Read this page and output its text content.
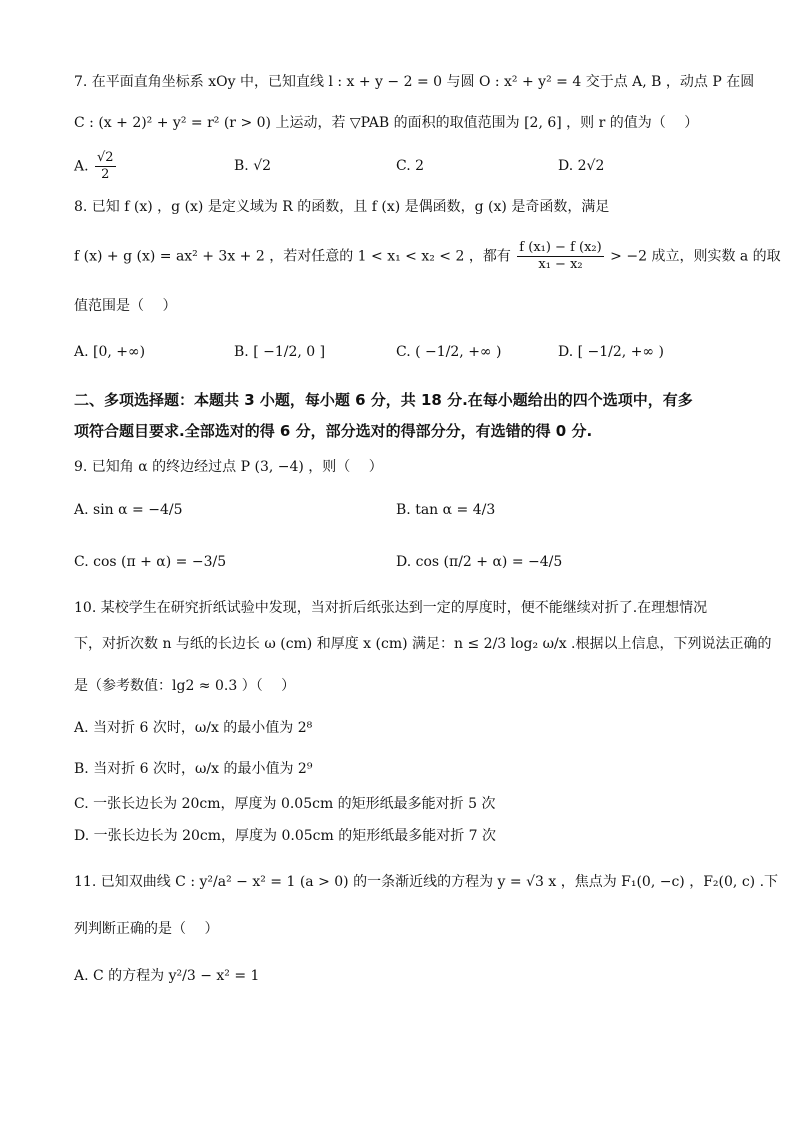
7. 在平面直角坐标系 xOy 中，已知直线 l : x + y − 2 = 0 与圆 O : x² + y² = 4 交于点 A, B ，动点 P 在圆
C : (x + 2)² + y² = r² (r > 0) 上运动，若 ▽PAB 的面积的取值范围为 [2, 6] ，则 r 的值为（　 ）
A. $\frac{√2}{2}$	B. √2	C. 2	D. 2√2
8. 已知 f (x) ，g (x) 是定义域为 R 的函数，且 f (x) 是偶函数，g (x) 是奇函数，满足
f (x) + g (x) = ax² + 3x + 2 ，若对任意的 1 < x₁ < x₂ < 2 ，都有 $\frac{\text{f (x₁) − f (x₂)}}{\text{x₁ − x₂}} > -2$ 成立，则实数 a 的取
值范围是（　 ）
A. [0, +∞)	B. [ −1/2, 0 ]	C. ( −1/2, +∞ )	D. [ −1/2, +∞ )
二、多项选择题：本题共 3 小题，每小题 6 分，共 18 分.在每小题给出的四个选项中，有多
项符合题目要求.全部选对的得 6 分，部分选对的得部分分，有选错的得 0 分.
9. 已知角 α 的终边经过点 P (3, −4) ，则（　 ）
A. sin α = −4/5	B. tan α = 4/3
C. cos (π + α) = −3/5	D. cos (π/2 + α) = −4/5
10. 某校学生在研究折纸试验中发现，当对折后纸张达到一定的厚度时，便不能继续对折了.在理想情况
下，对折次数 n 与纸的长边长 ω (cm) 和厚度 x (cm) 满足：n ≤ 2/3 log₂ ω/x .根据以上信息，下列说法正确的
是（参考数值：lg2 ≈ 0.3 ）（　 ）
A. 当对折 6 次时，ω/x 的最小值为 2⁸
B. 当对折 6 次时，ω/x 的最小值为 2⁹
C. 一张长边长为 20cm，厚度为 0.05cm 的矩形纸最多能对折 5 次
D. 一张长边长为 20cm，厚度为 0.05cm 的矩形纸最多能对折 7 次
11. 已知双曲线 C : y²/a² − x² = 1 (a > 0) 的一条渐近线的方程为 y = √3 x ，焦点为 F₁(0, −c) ，F₂(0, c) .下
列判断正确的是（　 ）
A. C 的方程为 y²/3 − x² = 1
